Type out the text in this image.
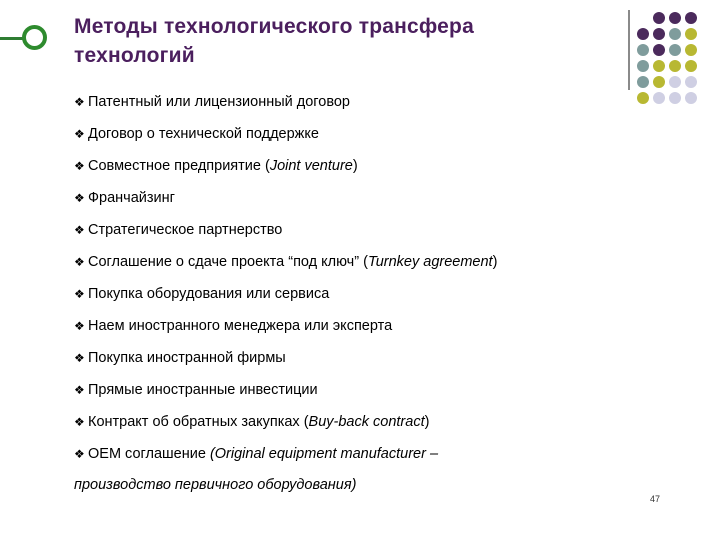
Методы технологического трансфера
технологий
❖ Патентный или лицензионный договор
❖ Договор о технической поддержке
❖ Совместное предприятие (Joint venture)
❖ Франчайзинг
❖ Стратегическое партнерство
❖ Соглашение о сдаче проекта “под ключ” (Turnkey agreement)
❖ Покупка оборудования или сервиса
❖ Наем иностранного менеджера или эксперта
❖ Покупка иностранной фирмы
❖ Прямые иностранные инвестиции
❖ Контракт об обратных закупках (Buy-back contract)
❖ OEM соглашение (Original equipment manufacturer –
производство первичного оборудования)
47
